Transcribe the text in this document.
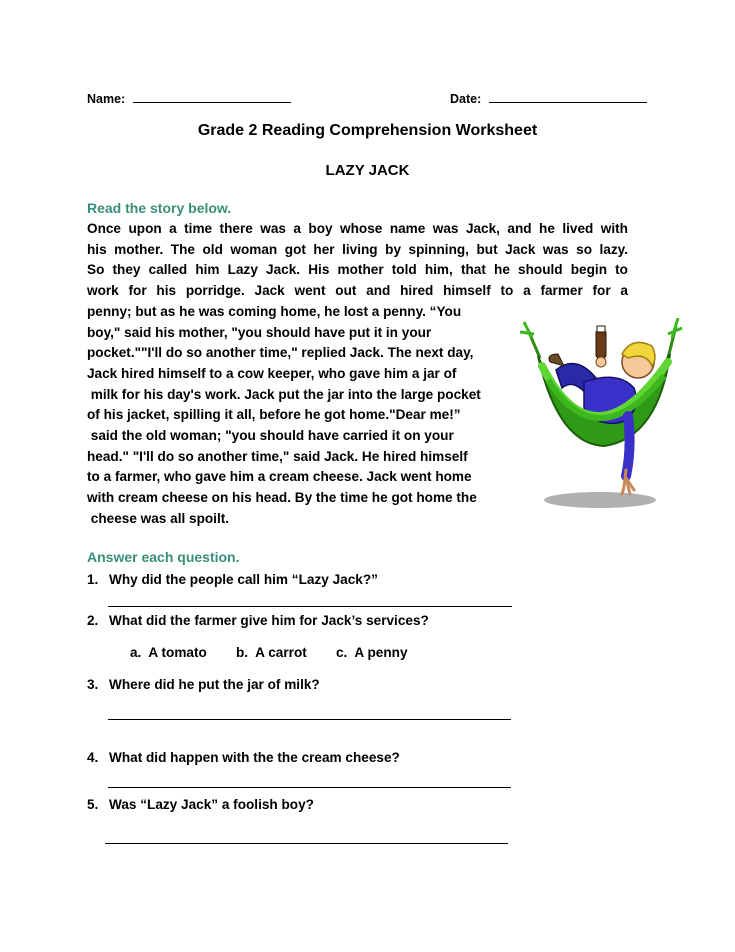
Name:	Date:
Grade 2 Reading Comprehension Worksheet
LAZY JACK
Read the story below.
Once upon a time there was a boy whose name was Jack, and he lived with
his mother. The old woman got her living by spinning, but Jack was so lazy.
So they called him Lazy Jack. His mother told him, that he should begin to
work for his porridge. Jack went out and hired himself to a farmer for a
penny; but as he was coming home, he lost a penny. “You
boy," said his mother, "you should have put it in your
pocket.""I'll do so another time," replied Jack. The next day,
Jack hired himself to a cow keeper, who gave him a jar of
milk for his day's work. Jack put the jar into the large pocket
of his jacket, spilling it all, before he got home."Dear me!”
said the old woman; "you should have carried it on your
head." "I'll do so another time," said Jack. He hired himself
to a farmer, who gave him a cream cheese. Jack went home
with cream cheese on his head. By the time he got home the
cheese was all spoilt.
Answer each question.
1. Why did the people call him “Lazy Jack?”
2. What did the farmer give him for Jack’s services?
a. A tomato b. A carrot c. A penny
3. Where did he put the jar of milk?
4. What did happen with the the cream cheese?
5. Was “Lazy Jack” a foolish boy?
